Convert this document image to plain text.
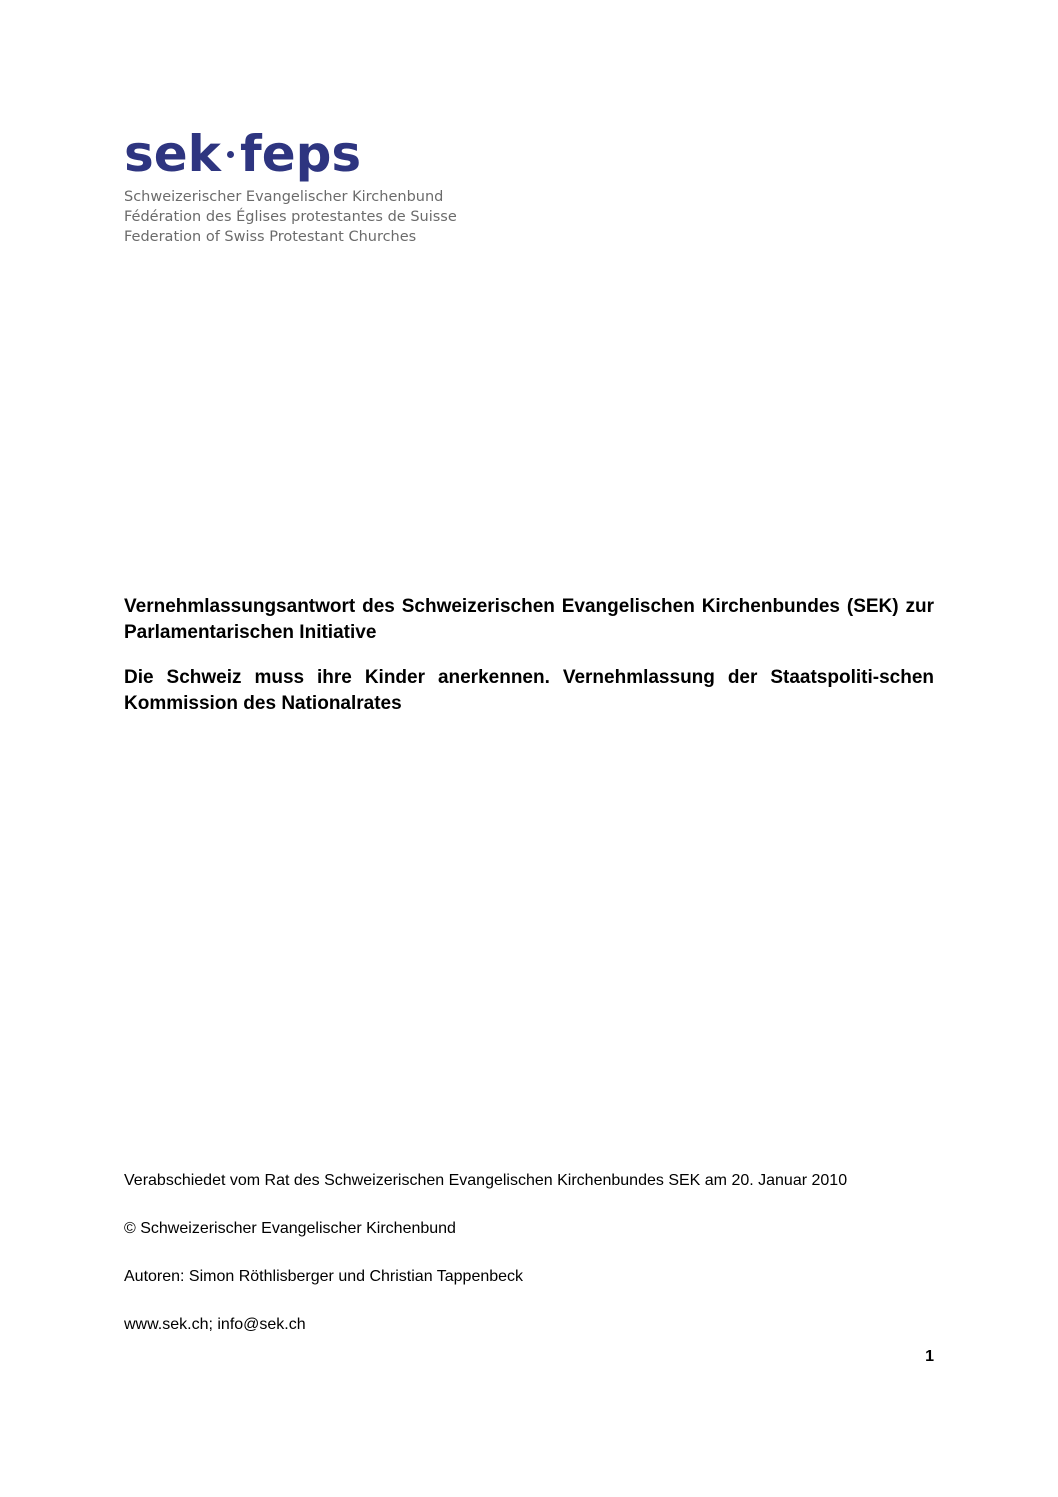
sek feps
Schweizerischer Evangelischer Kirchenbund
Fédération des Églises protestantes de Suisse
Federation of Swiss Protestant Churches

Vernehmlassungsantwort des Schweizerischen Evangelischen Kirchenbundes (SEK) zur Parlamentarischen Initiative

Die Schweiz muss ihre Kinder anerkennen. Vernehmlassung der Staatspoliti-schen Kommission des Nationalrates

Verabschiedet vom Rat des Schweizerischen Evangelischen Kirchenbundes SEK am 20. Januar 2010

© Schweizerischer Evangelischer Kirchenbund

Autoren: Simon Röthlisberger und Christian Tappenbeck

www.sek.ch; info@sek.ch

1
